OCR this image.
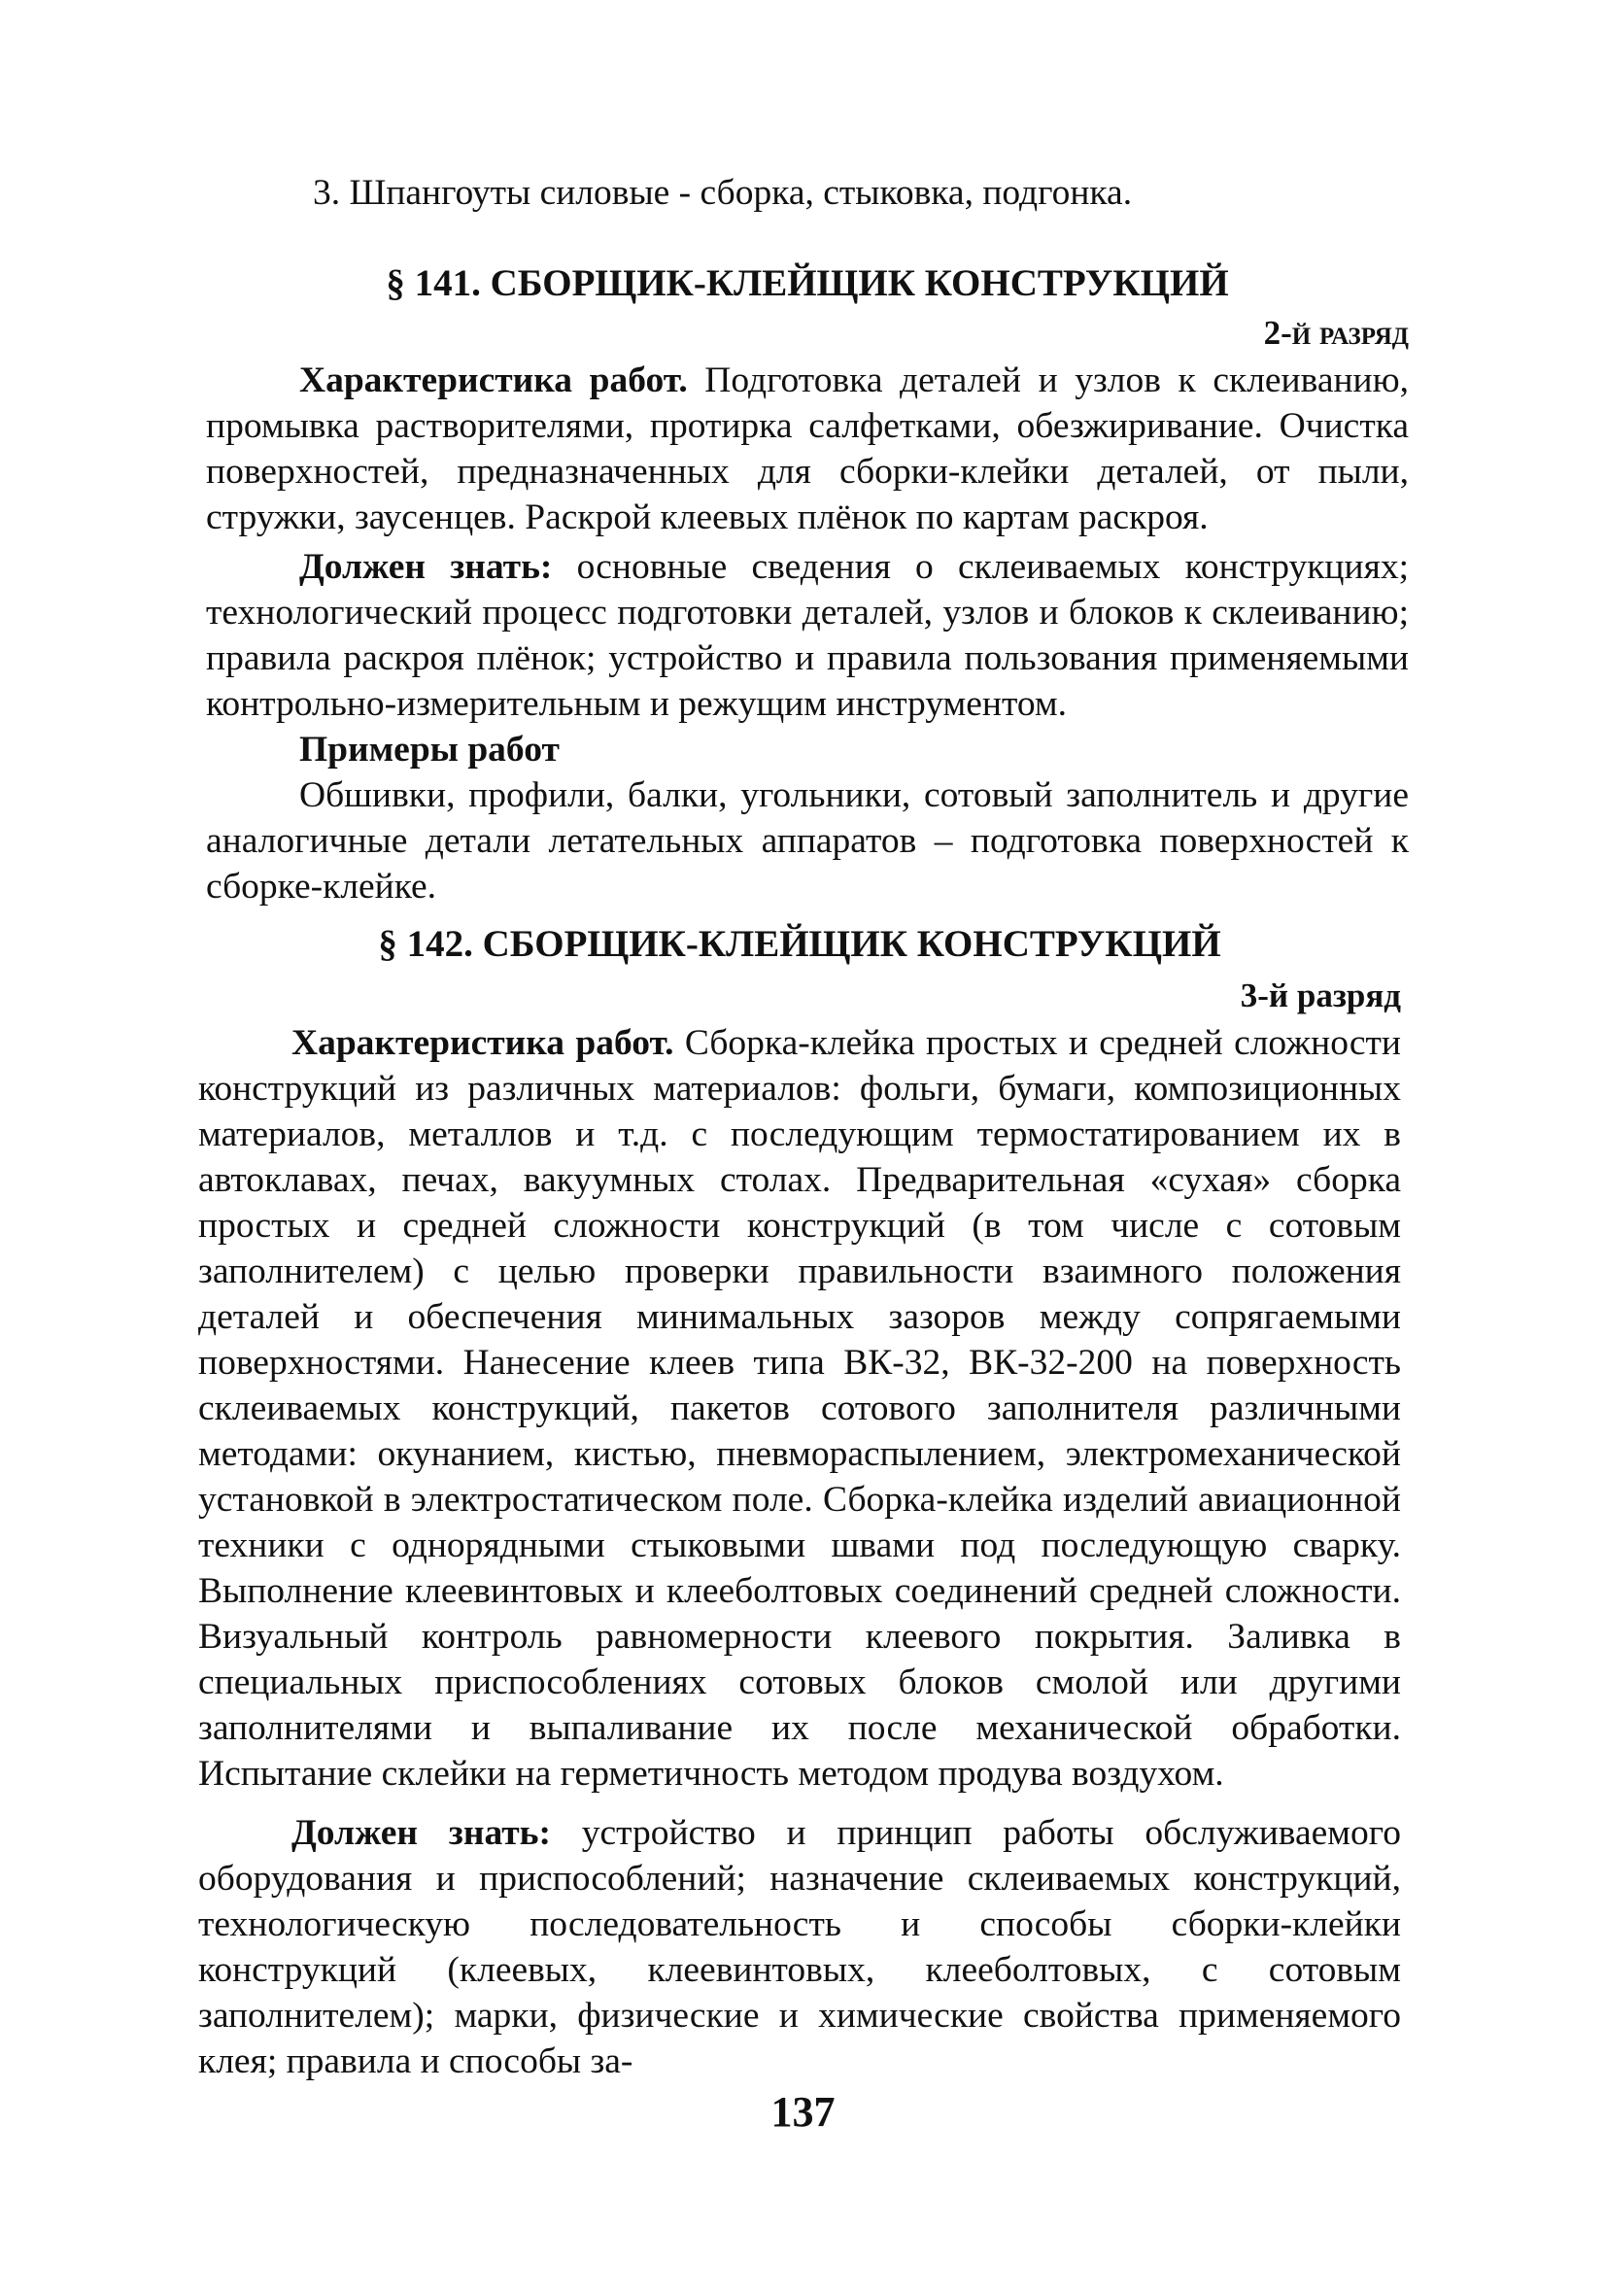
3. Шпангоуты силовые - сборка, стыковка, подгонка.

§ 141. СБОРЩИК-КЛЕЙЩИК КОНСТРУКЦИЙ

2-й разряд

Характеристика работ. Подготовка деталей и узлов к склеиванию, промывка растворителями, протирка салфетками, обезжиривание. Очистка поверхностей, предназначенных для сборки-клейки деталей, от пыли, стружки, заусенцев. Раскрой клеевых плёнок по картам раскроя.

Должен знать: основные сведения о склеиваемых конструкциях; технологический процесс подготовки деталей, узлов и блоков к склеиванию; правила раскроя плёнок; устройство и правила пользования применяемыми контрольно-измерительным и режущим инструментом.

Примеры работ

Обшивки, профили, балки, угольники, сотовый заполнитель и другие аналогичные детали летательных аппаратов – подготовка поверхностей к сборке-клейке.

§ 142. СБОРЩИК-КЛЕЙЩИК КОНСТРУКЦИЙ

3-й разряд

Характеристика работ. Сборка-клейка простых и средней сложности конструкций из различных материалов: фольги, бумаги, композиционных материалов, металлов и т.д. с последующим термостатированием их в автоклавах, печах, вакуумных столах. Предварительная «сухая» сборка простых и средней сложности конструкций (в том числе с сотовым заполнителем) с целью проверки правильности взаимного положения деталей и обеспечения минимальных зазоров между сопрягаемыми поверхностями. Нанесение клеев типа ВК-32, ВК-32-200 на поверхность склеиваемых конструкций, пакетов сотового заполнителя различными методами: окунанием, кистью, пневмораспылением, электромеханической установкой в электростатическом поле. Сборка-клейка изделий авиационной техники с однорядными стыковыми швами под последующую сварку. Выполнение клеевинтовых и клееболтовых соединений средней сложности. Визуальный контроль равномерности клеевого покрытия. Заливка в специальных приспособлениях сотовых блоков смолой или другими заполнителями и выпаливание их после механической обработки. Испытание склейки на герметичность методом продува воздухом.

Должен знать: устройство и принцип работы обслуживаемого оборудования и приспособлений; назначение склеиваемых конструкций, технологическую последовательность и способы сборки-клейки конструкций (клеевых, клеевинтовых, клееболтовых, с сотовым заполнителем); марки, физические и химические свойства применяемого клея; правила и способы за-

137
